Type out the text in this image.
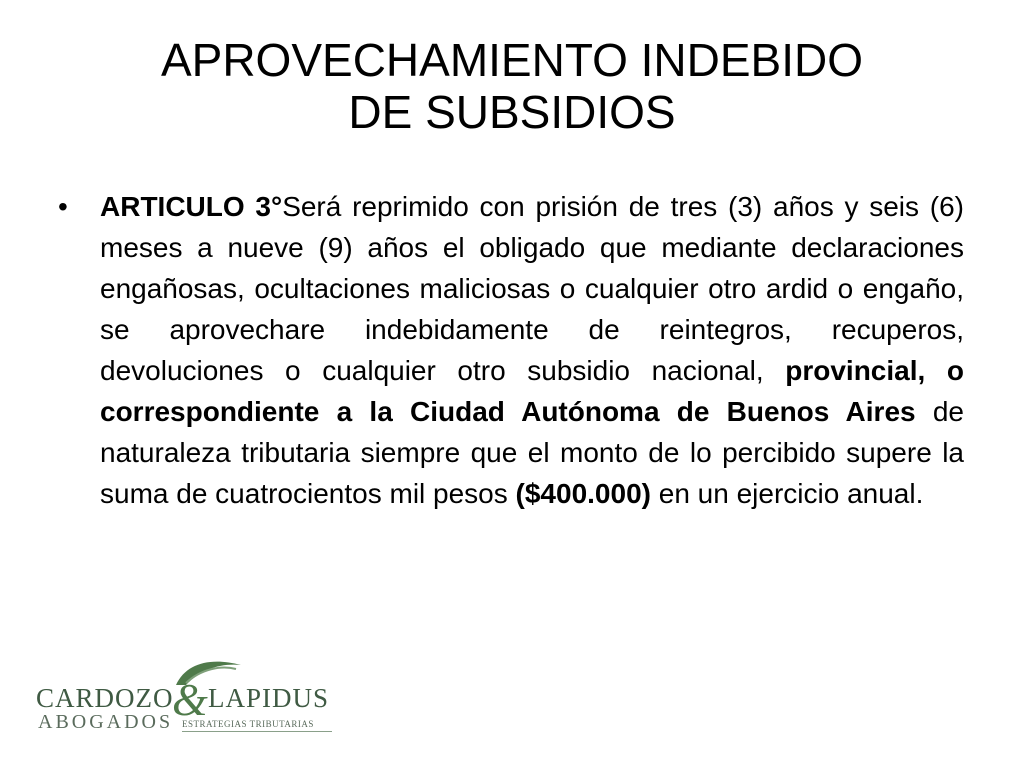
APROVECHAMIENTO INDEBIDO
DE SUBSIDIOS
•	ARTICULO 3°Será reprimido con prisión de tres (3) años y seis (6) meses a nueve (9) años el obligado que mediante declaraciones engañosas, ocultaciones maliciosas o cualquier otro ardid o engaño, se aprovechare indebidamente de reintegros, recuperos, devoluciones o cualquier otro subsidio nacional, provincial, o correspondiente a la Ciudad Autónoma de Buenos Aires de naturaleza tributaria siempre que el monto de lo percibido supere la suma de cuatrocientos mil pesos ($400.000) en un ejercicio anual.

CARDOZO
& LAPIDUS
ABOGADOS ESTRATEGIAS TRIBUTARIAS
